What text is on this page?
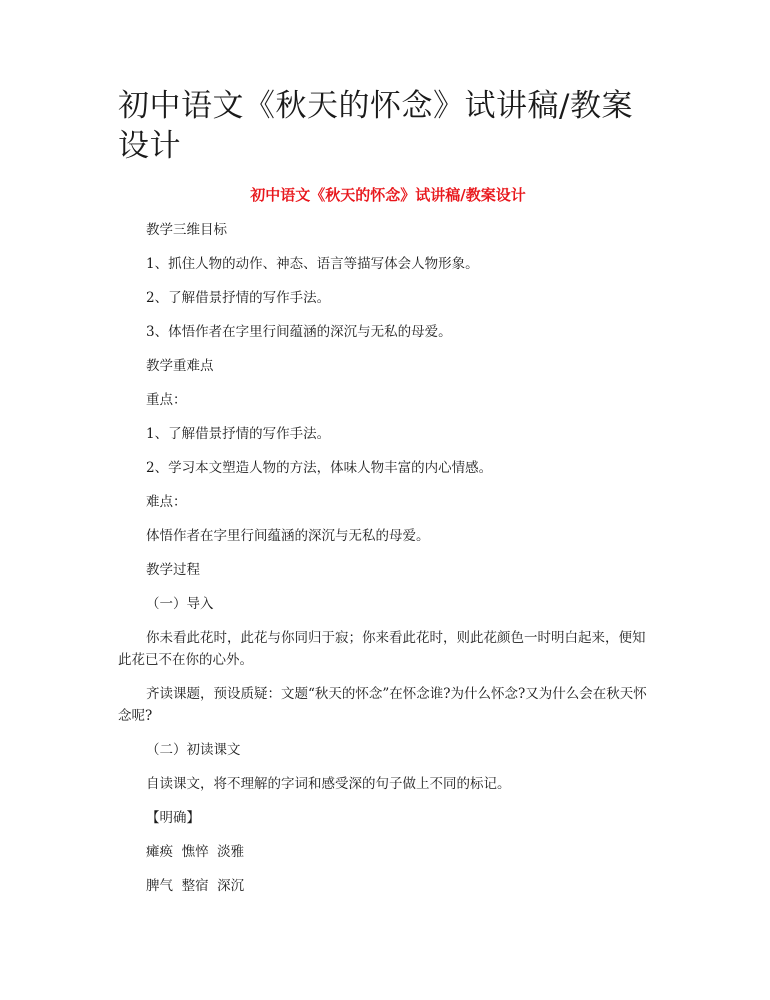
初中语文《秋天的怀念》试讲稿/教案设计
初中语文《秋天的怀念》试讲稿/教案设计

教学三维目标

1、抓住人物的动作、神态、语言等描写体会人物形象。

2、了解借景抒情的写作手法。

3、体悟作者在字里行间蕴涵的深沉与无私的母爱。

教学重难点

重点：

1、了解借景抒情的写作手法。

2、学习本文塑造人物的方法，体味人物丰富的内心情感。

难点：

体悟作者在字里行间蕴涵的深沉与无私的母爱。

教学过程

（一）导入

你未看此花时，此花与你同归于寂；你来看此花时，则此花颜色一时明白起来，便知此花已不在你的心外。

齐读课题，预设质疑：文题“秋天的怀念”在怀念谁?为什么怀念?又为什么会在秋天怀念呢?

（二）初读课文

自读课文，将不理解的字词和感受深的句子做上不同的标记。

【明确】

瘫痪  憔悴  淡雅

脾气  整宿  深沉
